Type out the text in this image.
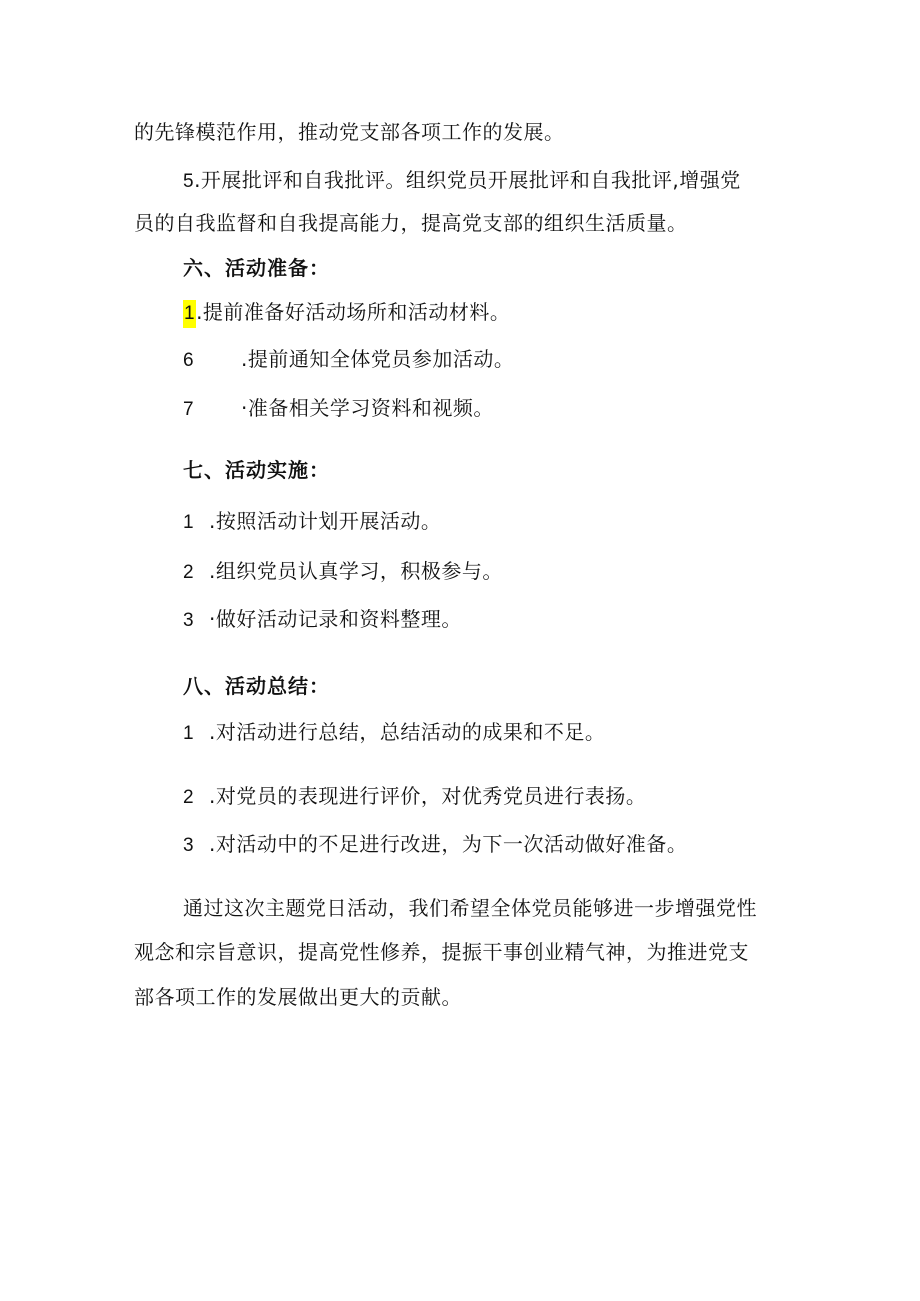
的先锋模范作用，推动党支部各项工作的发展。
5.开展批评和自我批评。组织党员开展批评和自我批评,增强党
员的自我监督和自我提高能力，提高党支部的组织生活质量。
六、活动准备：
1.提前准备好活动场所和活动材料。
6 .提前通知全体党员参加活动。
7 ·准备相关学习资料和视频。
七、活动实施：
1 .按照活动计划开展活动。
2 .组织党员认真学习，积极参与。
3 ·做好活动记录和资料整理。
八、活动总结：
1 .对活动进行总结，总结活动的成果和不足。
2 .对党员的表现进行评价，对优秀党员进行表扬。
3 .对活动中的不足进行改进，为下一次活动做好准备。
通过这次主题党日活动，我们希望全体党员能够进一步增强党性
观念和宗旨意识，提高党性修养，提振干事创业精气神，为推进党支
部各项工作的发展做出更大的贡献。
